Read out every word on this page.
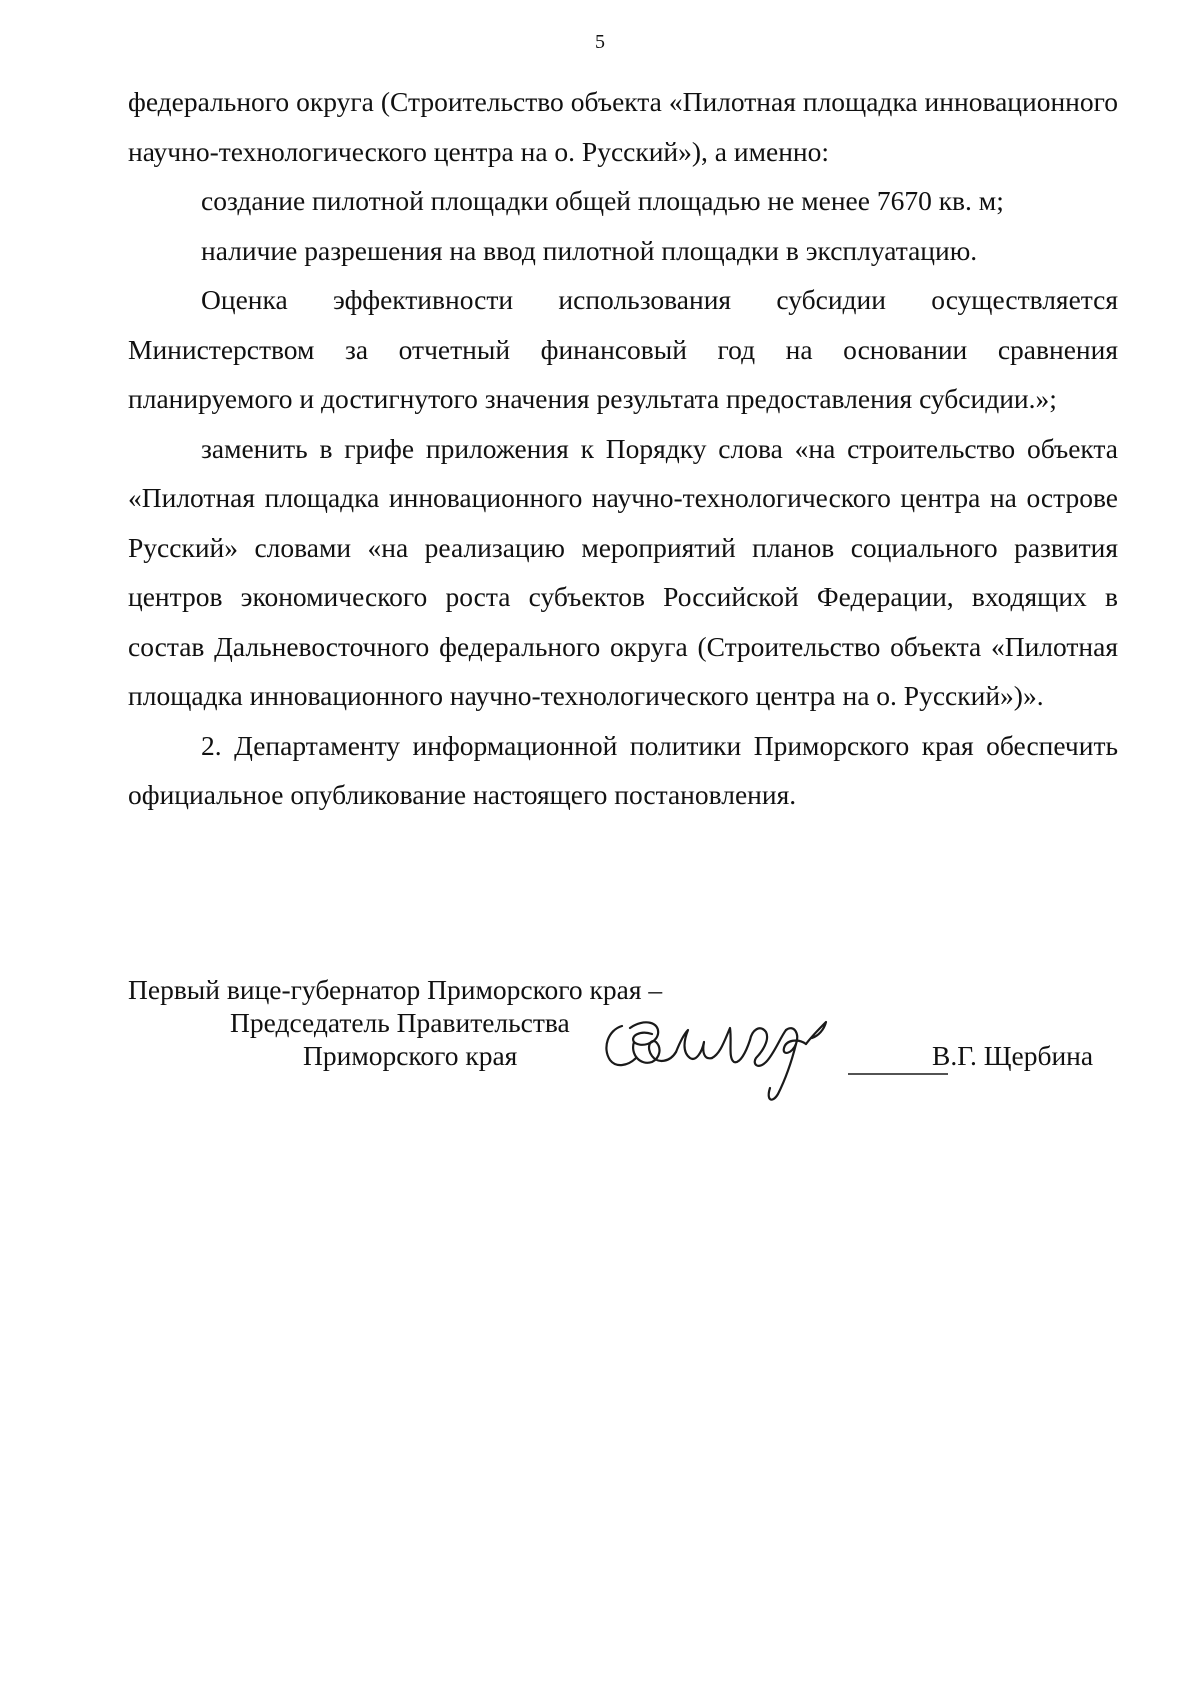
5

федерального округа (Строительство объекта «Пилотная площадка инновационного научно-технологического центра на о. Русский»), а именно:

создание пилотной площадки общей площадью не менее 7670 кв. м;

наличие разрешения на ввод пилотной площадки в эксплуатацию.

Оценка эффективности использования субсидии осуществляется Министерством за отчетный финансовый год на основании сравнения планируемого и достигнутого значения результата предоставления субсидии.»;

заменить в грифе приложения к Порядку слова «на строительство объекта «Пилотная площадка инновационного научно-технологического центра на острове Русский» словами «на реализацию мероприятий планов социального развития центров экономического роста субъектов Российской Федерации, входящих в состав Дальневосточного федерального округа (Строительство объекта «Пилотная площадка инновационного научно-технологического центра на о. Русский»)».

2. Департаменту информационной политики Приморского края обеспечить официальное опубликование настоящего постановления.

Первый вице-губернатор Приморского края –
Председатель Правительства
Приморского края	В.Г. Щербина
